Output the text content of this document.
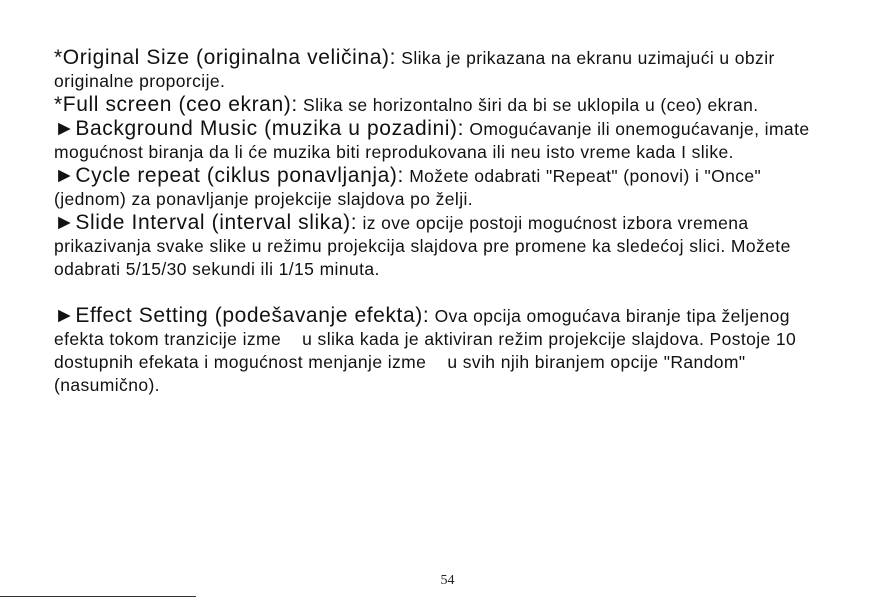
*Original Size (originalna veličina): Slika je prikazana na ekranu uzimajući u obzir originalne proporcije.

*Full screen (ceo ekran): Slika se horizontalno širi da bi se uklopila u (ceo) ekran.

►Background Music (muzika u pozadini): Omogućavanje ili onemogućavanje, imate mogućnost biranja da li će muzika biti reprodukovana ili neu isto vreme kada I slike.

►Cycle repeat (ciklus ponavljanja): Možete odabrati "Repeat" (ponovi) i "Once" (jednom) za ponavljanje projekcije slajdova po želji.

►Slide Interval (interval slika): iz ove opcije postoji mogućnost izbora vremena prikazivanja svake slike u režimu projekcija slajdova pre promene ka sledećoj slici. Možete odabrati 5/15/30 sekundi ili 1/15 minuta.

►Effect Setting (podešavanje efekta): Ova opcija omogućava biranje tipa željenog efekta tokom tranzicije izme    u slika kada je aktiviran režim projekcije slajdova. Postoje 10 dostupnih efekata i mogućnost menjanje izme    u svih njih biranjem opcije "Random" (nasumično).

54
